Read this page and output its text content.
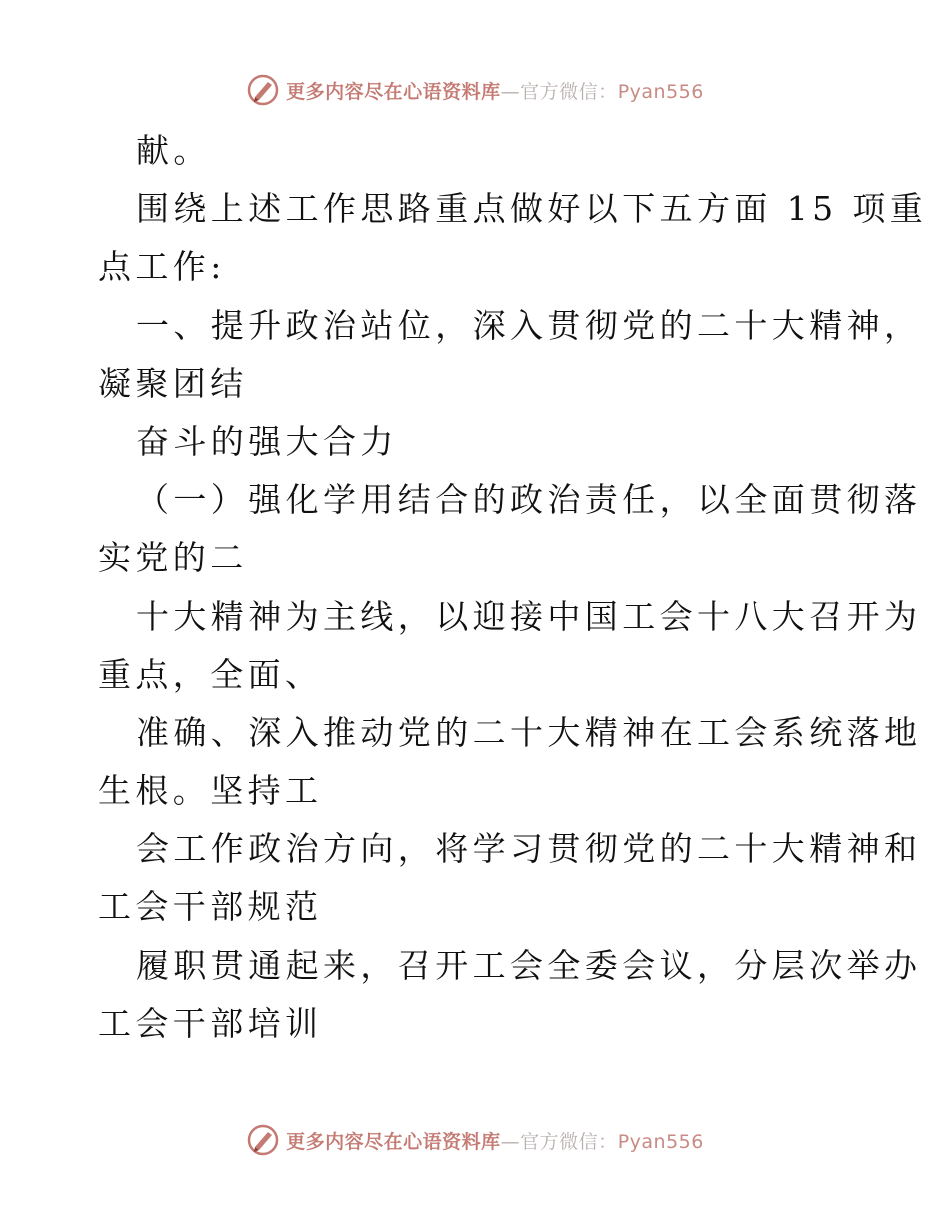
更多内容尽在心语资料库—官方微信：Pyan556
献。
围绕上述工作思路重点做好以下五方面 15 项重
点工作:
一、提升政治站位，深入贯彻党的二十大精神，
凝聚团结
奋斗的强大合力
（一）强化学用结合的政治责任，以全面贯彻落
实党的二
十大精神为主线，以迎接中国工会十八大召开为
重点，全面、
准确、深入推动党的二十大精神在工会系统落地
生根。坚持工
会工作政治方向，将学习贯彻党的二十大精神和
工会干部规范
履职贯通起来，召开工会全委会议，分层次举办
工会干部培训
更多内容尽在心语资料库—官方微信：Pyan556
